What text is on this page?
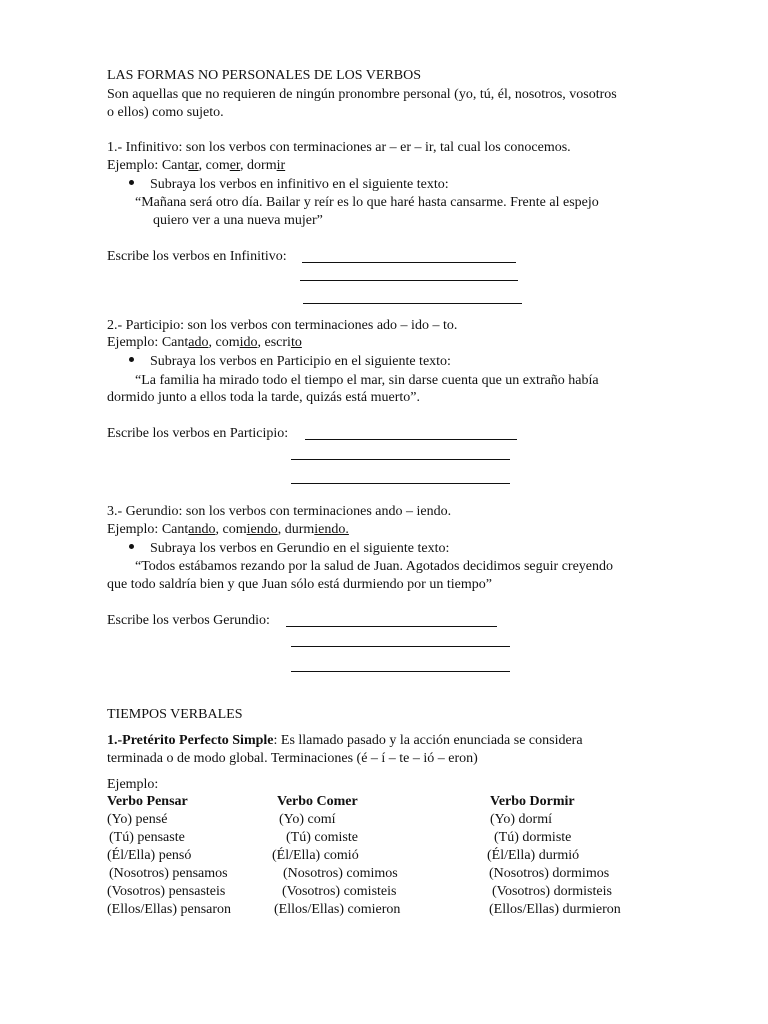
LAS FORMAS NO PERSONALES DE LOS VERBOS
Son aquellas que no requieren de ningún pronombre personal (yo, tú, él, nosotros, vosotros
o ellos) como sujeto.
1.- Infinitivo: son los verbos con terminaciones ar – er – ir, tal cual los conocemos.
Ejemplo: Cantar, comer, dormir
Subraya los verbos en infinitivo en el siguiente texto:
“Mañana será otro día. Bailar y reír es lo que haré hasta cansarme. Frente al espejo
quiero ver a una nueva mujer”
Escribe los verbos en Infinitivo:
2.- Participio: son los verbos con terminaciones ado – ido – to.
Ejemplo: Cantado, comido, escrito
Subraya los verbos en Participio en el siguiente texto:
“La familia ha mirado todo el tiempo el mar, sin darse cuenta que un extraño había
dormido junto a ellos toda la tarde, quizás está muerto”.
Escribe los verbos en Participio:
3.- Gerundio: son los verbos con terminaciones ando – iendo.
Ejemplo: Cantando, comiendo, durmiendo.
Subraya los verbos en Gerundio en el siguiente texto:
“Todos estábamos rezando por la salud de Juan. Agotados decidimos seguir creyendo
que todo saldría bien y que Juan sólo está durmiendo por un tiempo”
Escribe los verbos Gerundio:
TIEMPOS VERBALES
1.-Pretérito Perfecto Simple: Es llamado pasado y la acción enunciada se considera
terminada o de modo global. Terminaciones (é – í – te – ió – eron)
Ejemplo:
Verbo Pensar	Verbo Comer	Verbo Dormir
(Yo) pensé
(Tú) pensaste
(Él/Ella) pensó
(Nosotros) pensamos
(Vosotros) pensasteis
(Ellos/Ellas) pensaron
(Yo) comí
(Tú) comiste
(Él/Ella) comió
(Nosotros) comimos
(Vosotros) comisteis
(Ellos/Ellas) comieron
(Yo) dormí
(Tú) dormiste
(Él/Ella) durmió
(Nosotros) dormimos
(Vosotros) dormisteis
(Ellos/Ellas) durmieron
